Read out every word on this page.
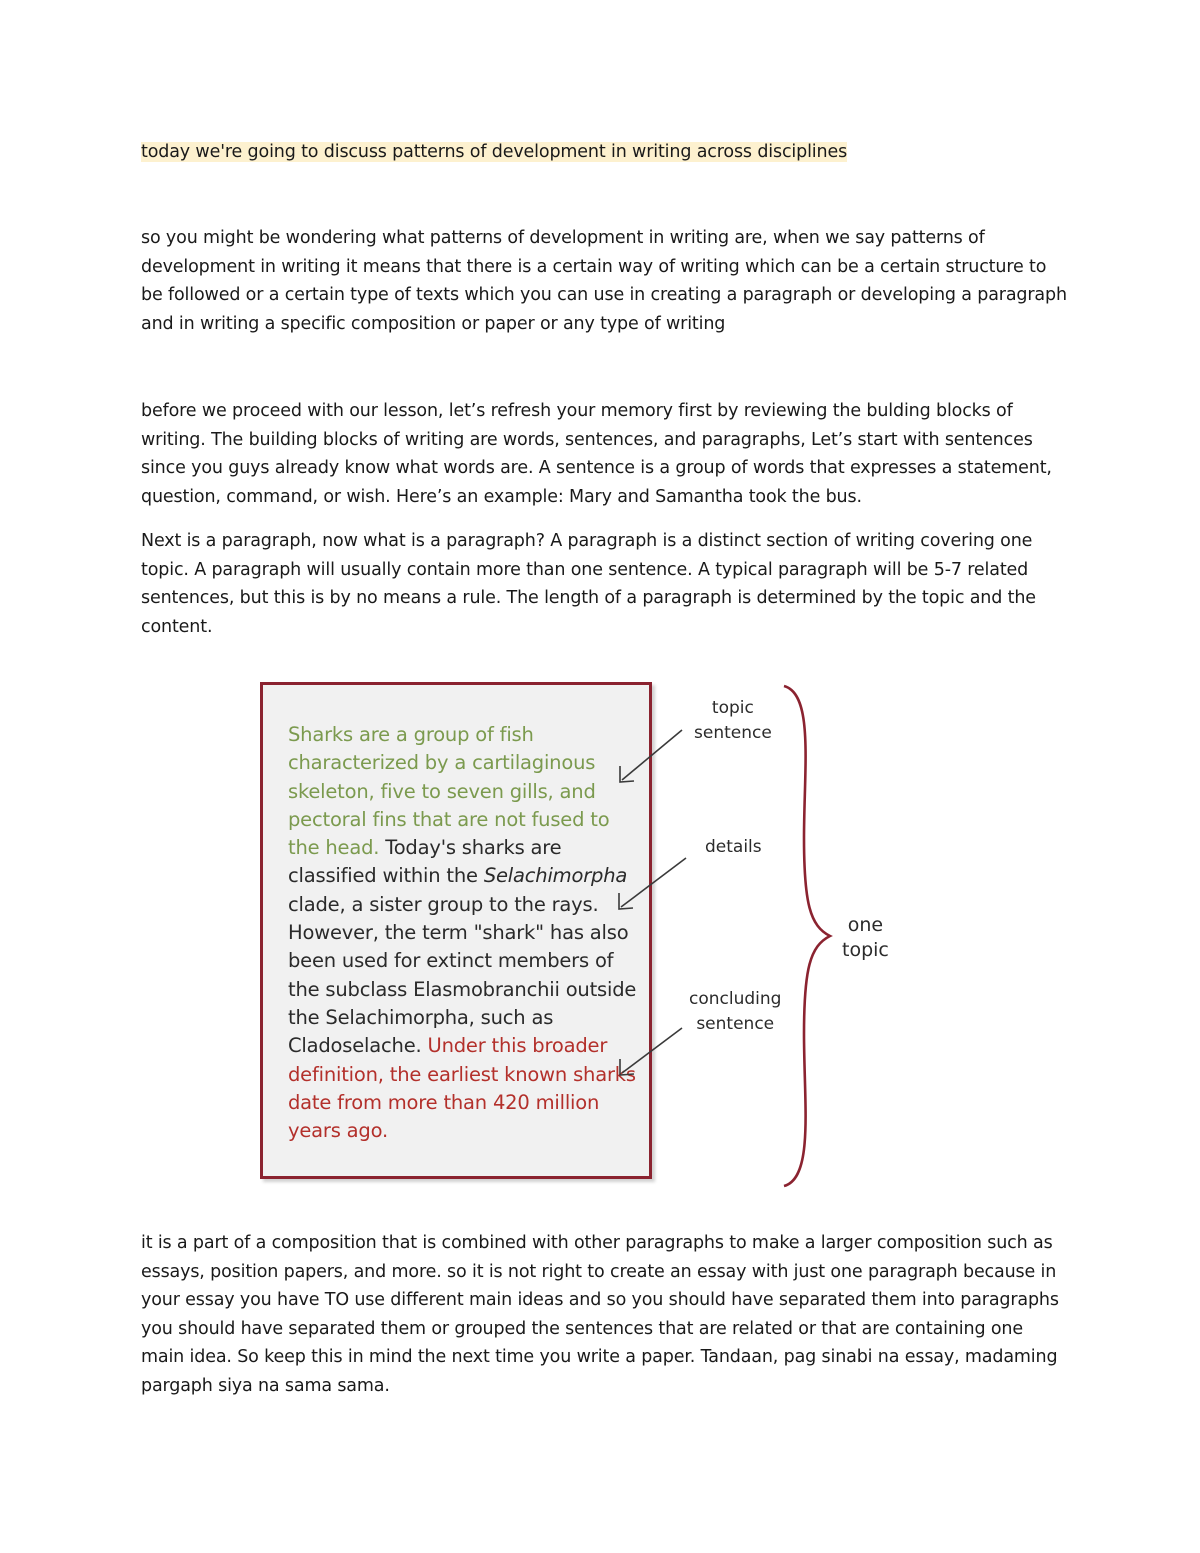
today we're going to discuss patterns of development in writing across disciplines

so you might be wondering what patterns of development in writing are, when we say patterns of development in writing it means that there is a certain way of writing which can be a certain structure to be followed or a certain type of texts which you can use in creating a paragraph or developing a paragraph and in writing a specific composition or paper or any type of writing

before we proceed with our lesson, let’s refresh your memory first by reviewing the bulding blocks of writing. The building blocks of writing are words, sentences, and paragraphs, Let’s start with sentences since you guys already know what words are. A sentence is a group of words that expresses a statement, question, command, or wish. Here’s an example: Mary and Samantha took the bus.

Next is a paragraph, now what is a paragraph? A paragraph is a distinct section of writing covering one topic. A paragraph will usually contain more than one sentence. A typical paragraph will be 5-7 related sentences, but this is by no means a rule. The length of a paragraph is determined by the topic and the content.

Sharks are a group of fish characterized by a cartilaginous skeleton, five to seven gills, and pectoral fins that are not fused to the head. Today's sharks are classified within the Selachimorpha clade, a sister group to the rays. However, the term "shark" has also been used for extinct members of the subclass Elasmobranchii outside the Selachimorpha, such as Cladoselache. Under this broader definition, the earliest known sharks date from more than 420 million years ago.

topic
sentence
details
concluding
sentence
one
topic

it is a part of a composition that is combined with other paragraphs to make a larger composition such as essays, position papers, and more. so it is not right to create an essay with just one paragraph because in your essay you have TO use different main ideas and so you should have separated them into paragraphs you should have separated them or grouped the sentences that are related or that are containing one main idea. So keep this in mind the next time you write a paper. Tandaan, pag sinabi na essay, madaming pargaph siya na sama sama.
